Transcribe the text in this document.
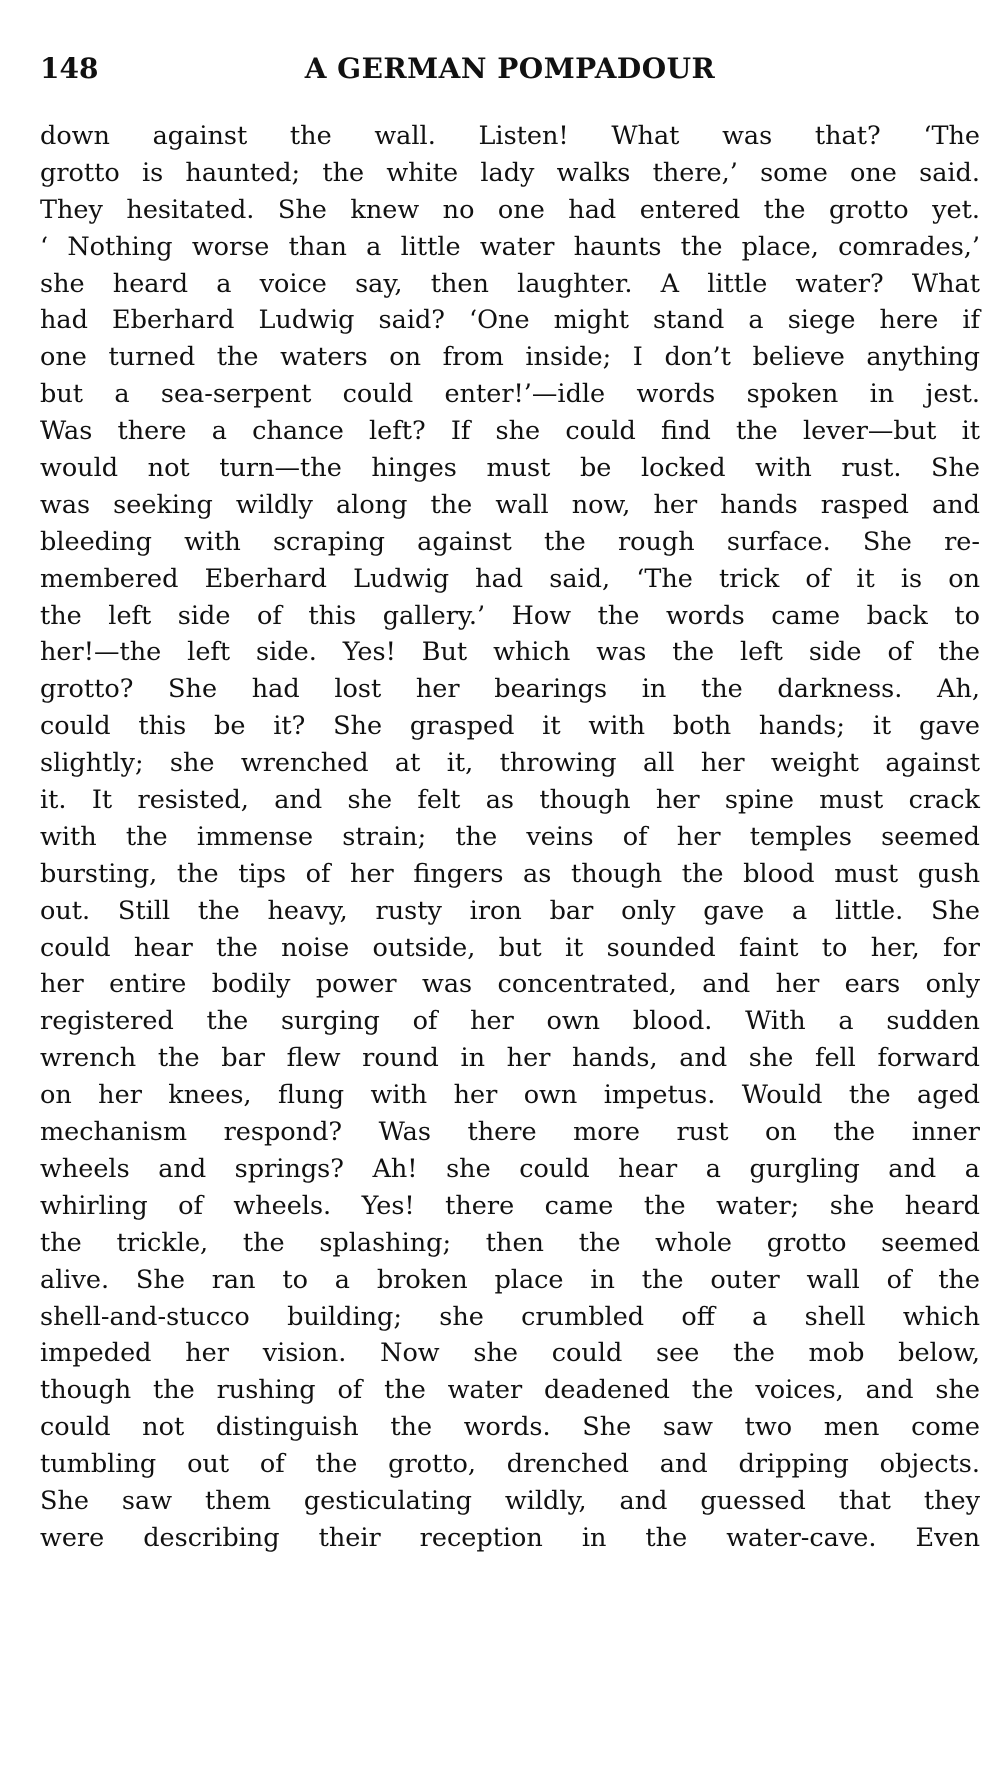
148	A GERMAN POMPADOUR
down against the wall. Listen! What was that? ‘The
grotto is haunted; the white lady walks there,’ some one said.
They hesitated. She knew no one had entered the grotto yet.
‘ Nothing worse than a little water haunts the place, comrades,’
she heard a voice say, then laughter. A little water? What
had Eberhard Ludwig said? ‘One might stand a siege here if
one turned the waters on from inside; I don’t believe anything
but a sea-serpent could enter!’—idle words spoken in jest.
Was there a chance left? If she could find the lever—but it
would not turn—the hinges must be locked with rust. She
was seeking wildly along the wall now, her hands rasped and
bleeding with scraping against the rough surface. She re-
membered Eberhard Ludwig had said, ‘The trick of it is on
the left side of this gallery.’ How the words came back to
her!—the left side. Yes! But which was the left side of the
grotto? She had lost her bearings in the darkness. Ah,
could this be it? She grasped it with both hands; it gave
slightly; she wrenched at it, throwing all her weight against
it. It resisted, and she felt as though her spine must crack
with the immense strain; the veins of her temples seemed
bursting, the tips of her fingers as though the blood must gush
out. Still the heavy, rusty iron bar only gave a little. She
could hear the noise outside, but it sounded faint to her, for
her entire bodily power was concentrated, and her ears only
registered the surging of her own blood. With a sudden
wrench the bar flew round in her hands, and she fell forward
on her knees, flung with her own impetus. Would the aged
mechanism respond? Was there more rust on the inner
wheels and springs? Ah! she could hear a gurgling and a
whirling of wheels. Yes! there came the water; she heard
the trickle, the splashing; then the whole grotto seemed
alive. She ran to a broken place in the outer wall of the
shell-and-stucco building; she crumbled off a shell which
impeded her vision. Now she could see the mob below,
though the rushing of the water deadened the voices, and she
could not distinguish the words. She saw two men come
tumbling out of the grotto, drenched and dripping objects.
She saw them gesticulating wildly, and guessed that they
were describing their reception in the water-cave. Even
